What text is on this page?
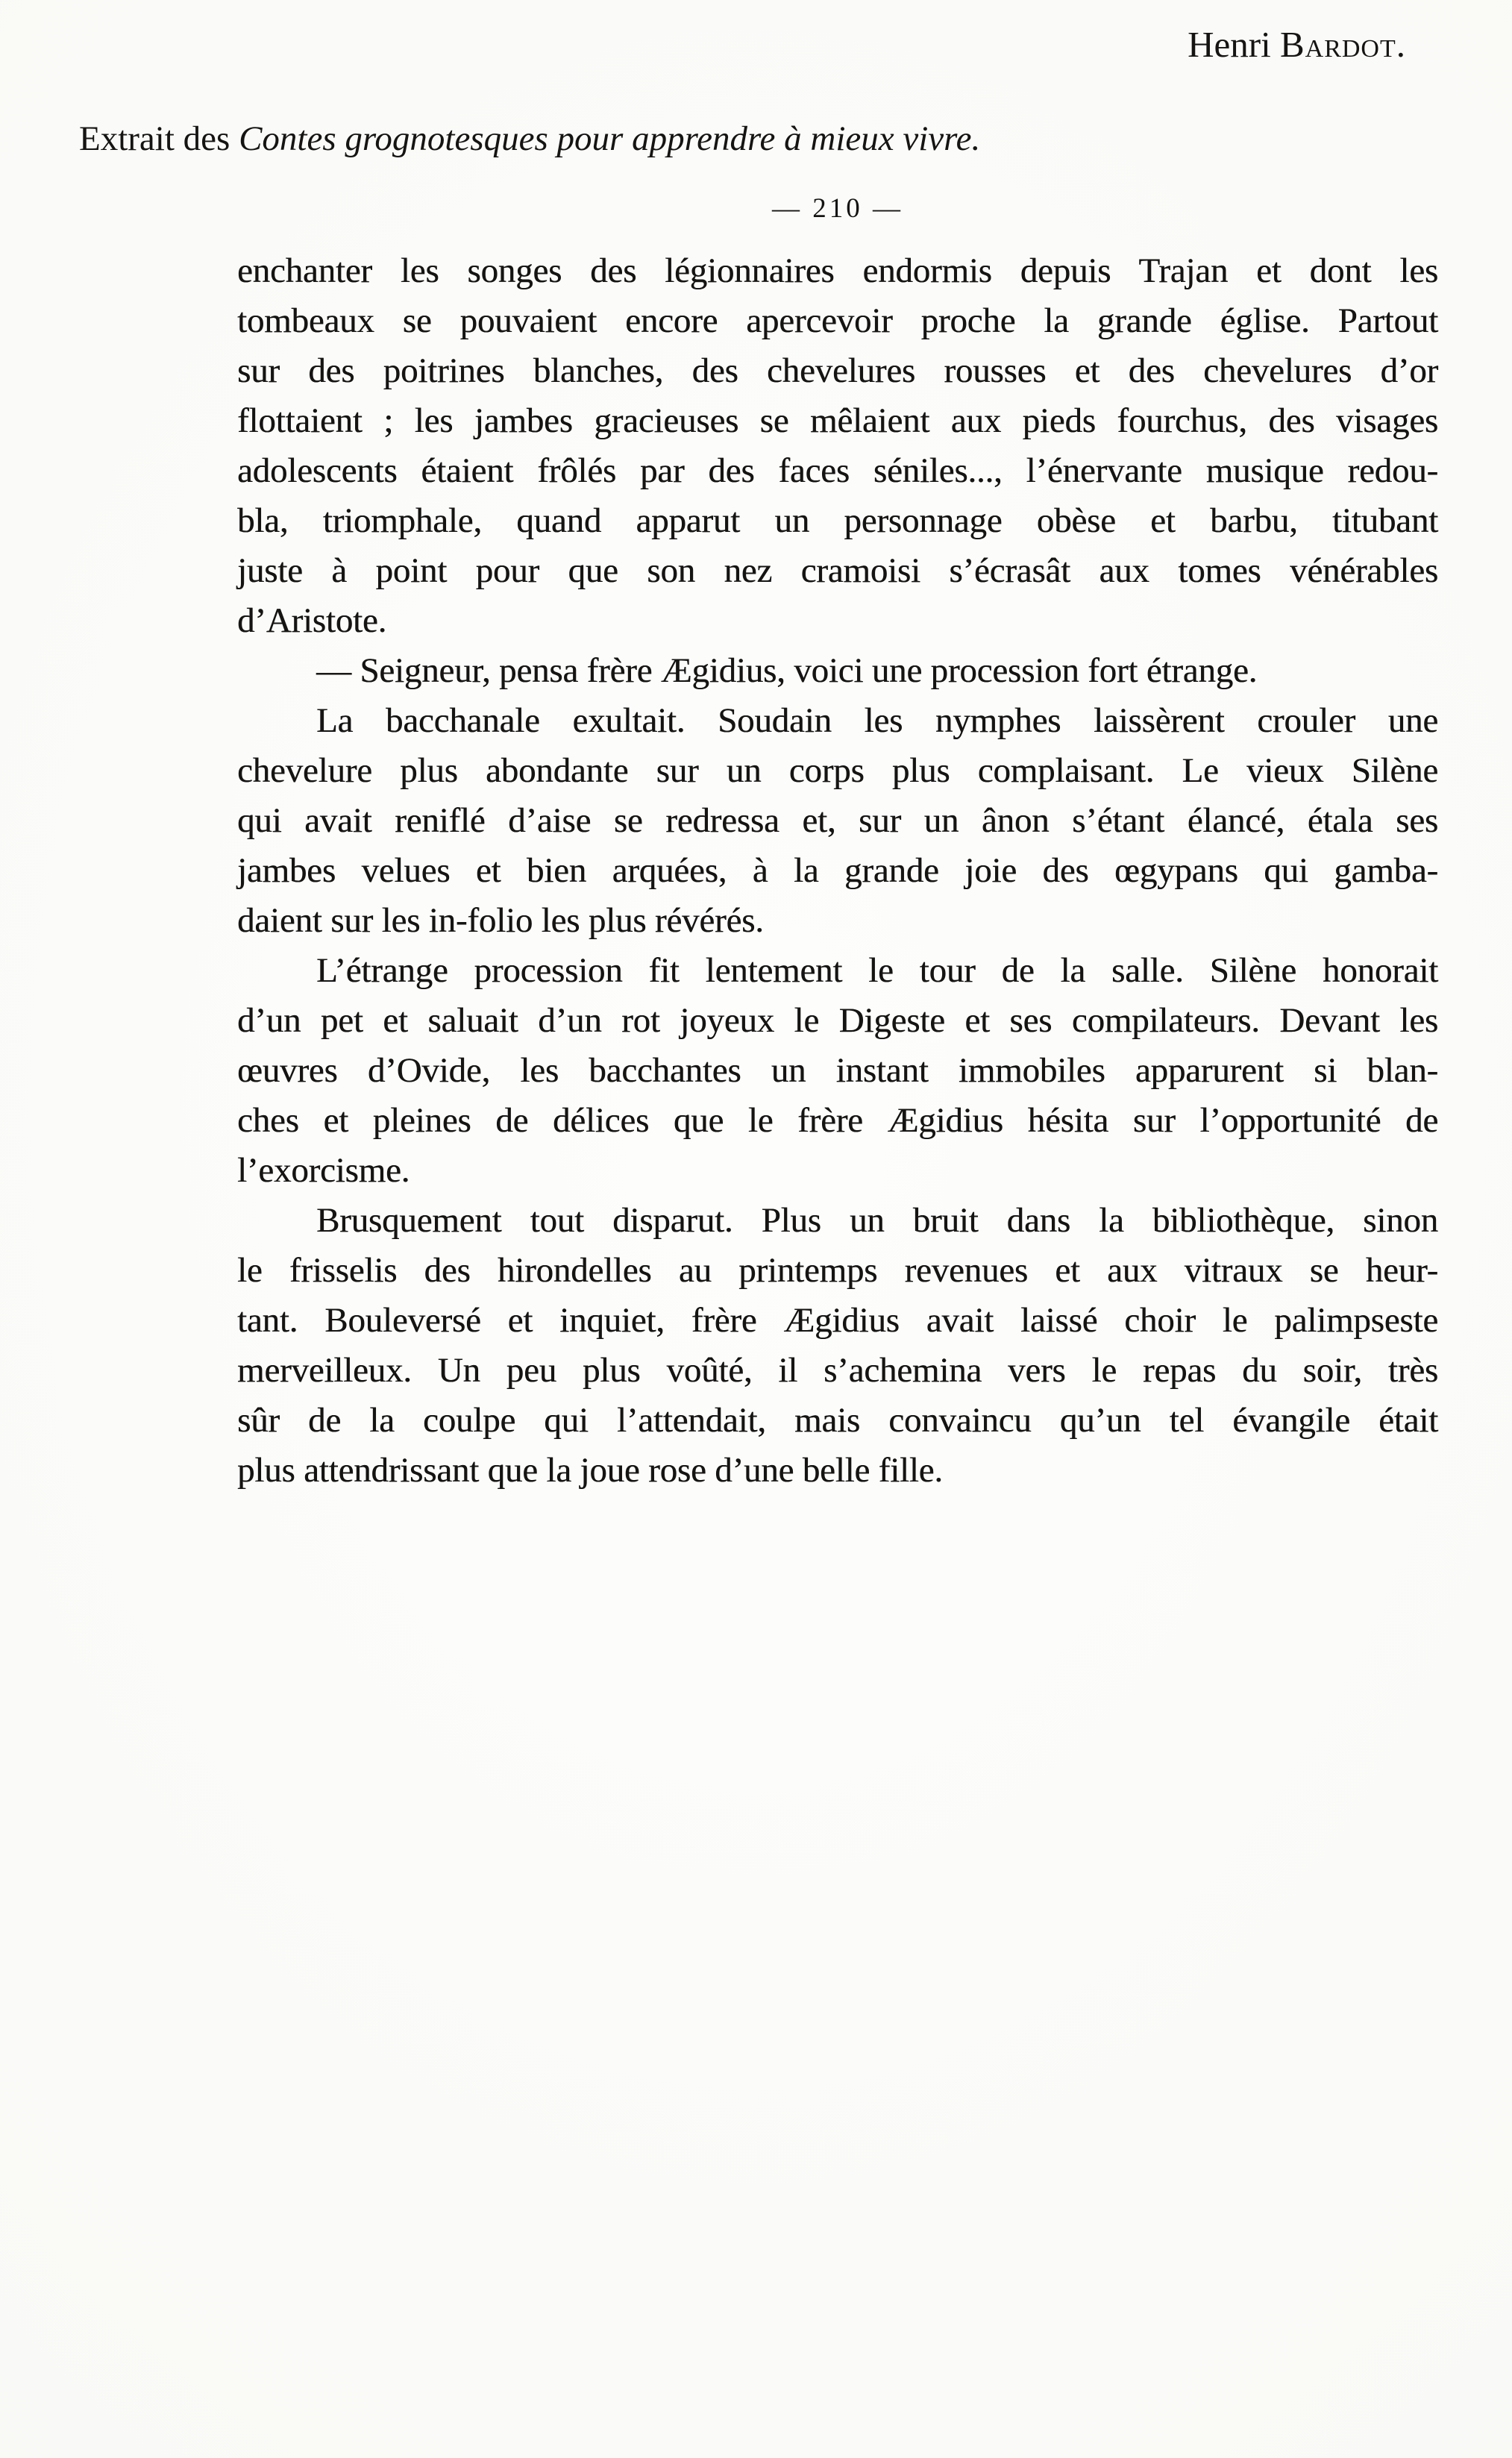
— 210 —

enchanter les songes des légionnaires endormis depuis Trajan et dont les
tombeaux se pouvaient encore apercevoir proche la grande église. Partout
sur des poitrines blanches, des chevelures rousses et des chevelures d’or
flottaient ; les jambes gracieuses se mêlaient aux pieds fourchus, des visages
adolescents étaient frôlés par des faces séniles..., l’énervante musique redou-
bla, triomphale, quand apparut un personnage obèse et barbu, titubant
juste à point pour que son nez cramoisi s’écrasât aux tomes vénérables
d’Aristote.

— Seigneur, pensa frère Ægidius, voici une procession fort étrange.

La bacchanale exultait. Soudain les nymphes laissèrent crouler une
chevelure plus abondante sur un corps plus complaisant. Le vieux Silène
qui avait reniflé d’aise se redressa et, sur un ânon s’étant élancé, étala ses
jambes velues et bien arquées, à la grande joie des œgypans qui gamba-
daient sur les in-folio les plus révérés.

L’étrange procession fit lentement le tour de la salle. Silène honorait
d’un pet et saluait d’un rot joyeux le Digeste et ses compilateurs. Devant les
œuvres d’Ovide, les bacchantes un instant immobiles apparurent si blan-
ches et pleines de délices que le frère Ægidius hésita sur l’opportunité de
l’exorcisme.

Brusquement tout disparut. Plus un bruit dans la bibliothèque, sinon
le frisselis des hirondelles au printemps revenues et aux vitraux se heur-
tant. Bouleversé et inquiet, frère Ægidius avait laissé choir le palimpseste
merveilleux. Un peu plus voûté, il s’achemina vers le repas du soir, très
sûr de la coulpe qui l’attendait, mais convaincu qu’un tel évangile était
plus attendrissant que la joue rose d’une belle fille.

Henri Bardot.

Extrait des Contes grognotesques pour apprendre à mieux vivre.
